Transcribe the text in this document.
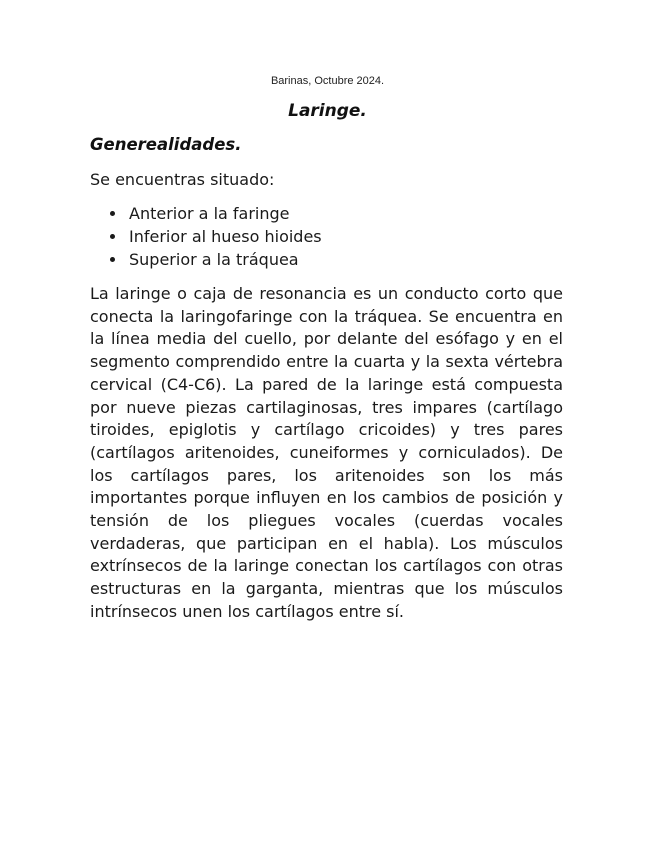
Barinas, Octubre 2024.
Laringe.
Generealidades.
Se encuentras situado:
Anterior a la faringe
Inferior al hueso hioides
Superior a la tráquea

La laringe o caja de resonancia es un conducto corto que conecta la laringofaringe con la tráquea. Se encuentra en la línea media del cuello, por delante del esófago y en el segmento comprendido entre la cuarta y la sexta vértebra cervical (C4-C6). La pared de la laringe está compuesta por nueve piezas cartilaginosas, tres impares (cartílago tiroides, epiglotis y cartílago cricoides) y tres pares (cartílagos aritenoides, cuneiformes y corniculados). De los cartílagos pares, los aritenoides son los más importantes porque influyen en los cambios de posición y tensión de los pliegues vocales (cuerdas vocales verdaderas, que participan en el habla). Los músculos extrínsecos de la laringe conectan los cartílagos con otras estructuras en la garganta, mientras que los músculos intrínsecos unen los cartílagos entre sí.
